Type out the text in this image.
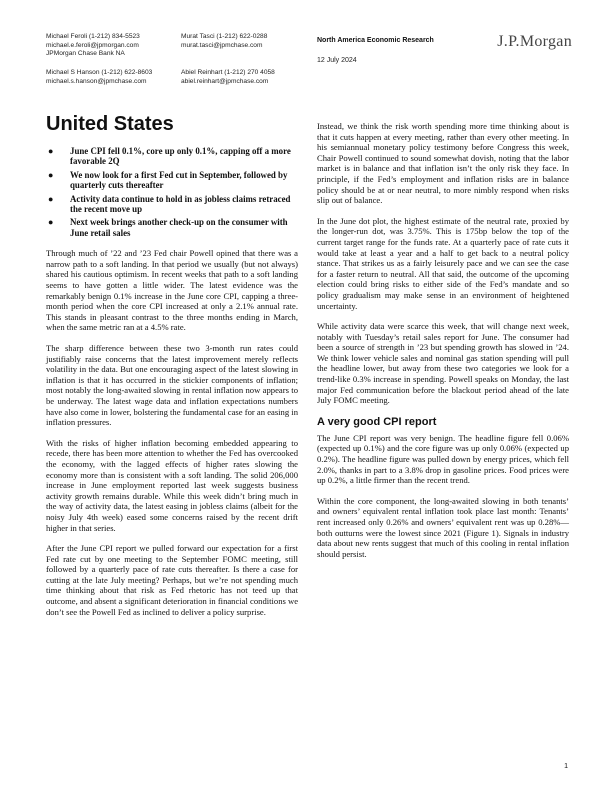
Michael Feroli (1-212) 834-5523
michael.e.feroli@jpmorgan.com
JPMorgan Chase Bank NA
Murat Tasci (1-212) 622-0288
murat.tasci@jpmchase.com
Michael S Hanson (1-212) 622-8603
michael.s.hanson@jpmchase.com
Abiel Reinhart (1-212) 270 4058
abiel.reinhart@jpmchase.com
North America Economic Research
12 July 2024
J.P.Morgan
United States
● June CPI fell 0.1%, core up only 0.1%, capping off a more favorable 2Q
● We now look for a first Fed cut in September, followed by quarterly cuts thereafter
● Activity data continue to hold in as jobless claims retraced the recent move up
● Next week brings another check-up on the consumer with June retail sales

Through much of ’22 and ’23 Fed chair Powell opined that there was a narrow path to a soft landing. In that period we usually (but not always) shared his cautious optimism. In recent weeks that path to a soft landing seems to have gotten a little wider. The latest evidence was the remarkably benign 0.1% increase in the June core CPI, capping a three-month period when the core CPI increased at only a 2.1% annual rate. This stands in pleasant contrast to the three months ending in March, when the same metric ran at a 4.5% rate.

The sharp difference between these two 3-month run rates could justifiably raise concerns that the latest improvement merely reflects volatility in the data. But one encouraging aspect of the latest slowing in inflation is that it has occurred in the stickier components of inflation; most notably the long-awaited slowing in rental inflation now appears to be underway. The latest wage data and inflation expectations numbers have also come in lower, bolstering the fundamental case for an easing in inflation pressures.

With the risks of higher inflation becoming embedded appearing to recede, there has been more attention to whether the Fed has overcooked the economy, with the lagged effects of higher rates slowing the economy more than is consistent with a soft landing. The solid 206,000 increase in June employment reported last week suggests business activity growth remains durable. While this week didn’t bring much in the way of activity data, the latest easing in jobless claims (albeit for the noisy July 4th week) eased some concerns raised by the recent drift higher in that series.

After the June CPI report we pulled forward our expectation for a first Fed rate cut by one meeting to the September FOMC meeting, still followed by a quarterly pace of rate cuts thereafter. Is there a case for cutting at the late July meeting? Perhaps, but we’re not spending much time thinking about that risk as Fed rhetoric has not teed up that outcome, and absent a significant deterioration in financial conditions we don’t see the Powell Fed as inclined to deliver a policy surprise.

Instead, we think the risk worth spending more time thinking about is that it cuts happen at every meeting, rather than every other meeting. In his semiannual monetary policy testimony before Congress this week, Chair Powell continued to sound somewhat dovish, noting that the labor market is in balance and that inflation isn’t the only risk they face. In principle, if the Fed’s employment and inflation risks are in balance policy should be at or near neutral, to more nimbly respond when risks slip out of balance.

In the June dot plot, the highest estimate of the neutral rate, proxied by the longer-run dot, was 3.75%. This is 175bp below the top of the current target range for the funds rate. At a quarterly pace of rate cuts it would take at least a year and a half to get back to a neutral policy stance. That strikes us as a fairly leisurely pace and we can see the case for a faster return to neutral. All that said, the outcome of the upcoming election could bring risks to either side of the Fed’s mandate and so policy gradualism may make sense in an environment of heightened uncertainty.

While activity data were scarce this week, that will change next week, notably with Tuesday’s retail sales report for June. The consumer had been a source of strength in ’23 but spending growth has slowed in ’24. We think lower vehicle sales and nominal gas station spending will pull the headline lower, but away from these two categories we look for a trend-like 0.3% increase in spending. Powell speaks on Monday, the last major Fed communication before the blackout period ahead of the late July FOMC meeting.

A very good CPI report

The June CPI report was very benign. The headline figure fell 0.06% (expected up 0.1%) and the core figure was up only 0.06% (expected up 0.2%). The headline figure was pulled down by energy prices, which fell 2.0%, thanks in part to a 3.8% drop in gasoline prices. Food prices were up 0.2%, a little firmer than the recent trend.

Within the core component, the long-awaited slowing in both tenants’ and owners’ equivalent rental inflation took place last month: Tenants’ rent increased only 0.26% and owners’ equivalent rent was up 0.28%—both outturns were the lowest since 2021 (Figure 1). Signals in industry data about new rents suggest that much of this cooling in rental inflation should persist.

1
